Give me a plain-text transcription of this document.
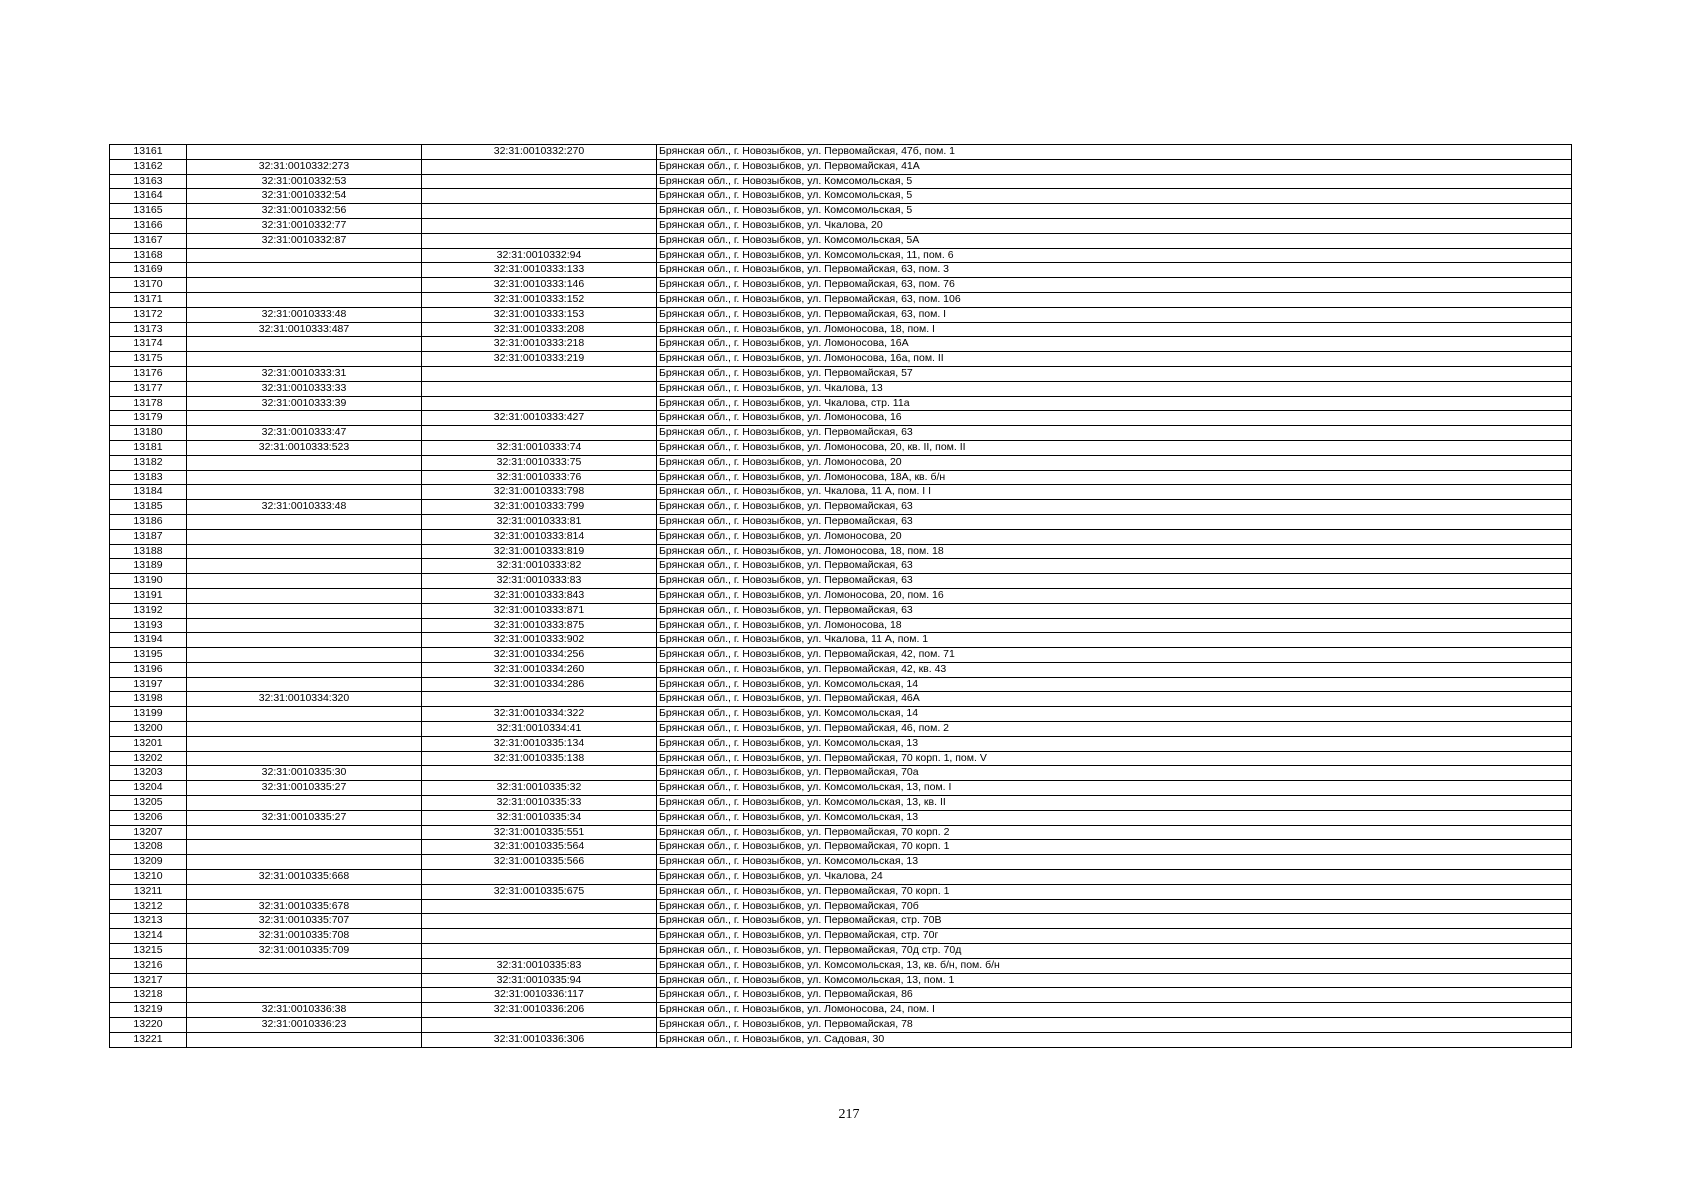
13161		32:31:0010332:270	Брянская обл., г. Новозыбков, ул. Первомайская, 47б, пом. 1
13162	32:31:0010332:273		Брянская обл., г. Новозыбков, ул. Первомайская, 41А
13163	32:31:0010332:53		Брянская обл., г. Новозыбков, ул. Комсомольская, 5
13164	32:31:0010332:54		Брянская обл., г. Новозыбков, ул. Комсомольская, 5
13165	32:31:0010332:56		Брянская обл., г. Новозыбков, ул. Комсомольская, 5
13166	32:31:0010332:77		Брянская обл., г. Новозыбков, ул. Чкалова, 20
13167	32:31:0010332:87		Брянская обл., г. Новозыбков, ул. Комсомольская, 5А
13168		32:31:0010332:94	Брянская обл., г. Новозыбков, ул. Комсомольская, 11, пом. 6
13169		32:31:0010333:133	Брянская обл., г. Новозыбков, ул. Первомайская, 63, пом. 3
13170		32:31:0010333:146	Брянская обл., г. Новозыбков, ул. Первомайская, 63, пом. 76
13171		32:31:0010333:152	Брянская обл., г. Новозыбков, ул. Первомайская, 63, пом. 106
13172	32:31:0010333:48	32:31:0010333:153	Брянская обл., г. Новозыбков, ул. Первомайская, 63, пом. I
13173	32:31:0010333:487	32:31:0010333:208	Брянская обл., г. Новозыбков, ул. Ломоносова, 18, пом. I
13174		32:31:0010333:218	Брянская обл., г. Новозыбков, ул. Ломоносова, 16А
13175		32:31:0010333:219	Брянская обл., г. Новозыбков, ул. Ломоносова, 16а, пом. II
13176	32:31:0010333:31		Брянская обл., г. Новозыбков, ул. Первомайская, 57
13177	32:31:0010333:33		Брянская обл., г. Новозыбков, ул. Чкалова, 13
13178	32:31:0010333:39		Брянская обл., г. Новозыбков, ул. Чкалова, стр. 11а
13179		32:31:0010333:427	Брянская обл., г. Новозыбков, ул. Ломоносова, 16
13180	32:31:0010333:47		Брянская обл., г. Новозыбков, ул. Первомайская, 63
13181	32:31:0010333:523	32:31:0010333:74	Брянская обл., г. Новозыбков, ул. Ломоносова, 20, кв. II, пом. II
13182		32:31:0010333:75	Брянская обл., г. Новозыбков, ул. Ломоносова, 20
13183		32:31:0010333:76	Брянская обл., г. Новозыбков, ул. Ломоносова, 18А, кв. б/н
13184		32:31:0010333:798	Брянская обл., г. Новозыбков, ул. Чкалова, 11 А, пом. I I
13185	32:31:0010333:48	32:31:0010333:799	Брянская обл., г. Новозыбков, ул. Первомайская, 63
13186		32:31:0010333:81	Брянская обл., г. Новозыбков, ул. Первомайская, 63
13187		32:31:0010333:814	Брянская обл., г. Новозыбков, ул. Ломоносова, 20
13188		32:31:0010333:819	Брянская обл., г. Новозыбков, ул. Ломоносова, 18, пом. 18
13189		32:31:0010333:82	Брянская обл., г. Новозыбков, ул. Первомайская, 63
13190		32:31:0010333:83	Брянская обл., г. Новозыбков, ул. Первомайская, 63
13191		32:31:0010333:843	Брянская обл., г. Новозыбков, ул. Ломоносова, 20, пом. 16
13192		32:31:0010333:871	Брянская обл., г. Новозыбков, ул. Первомайская, 63
13193		32:31:0010333:875	Брянская обл., г. Новозыбков, ул. Ломоносова, 18
13194		32:31:0010333:902	Брянская обл., г. Новозыбков, ул. Чкалова, 11 А, пом. 1
13195		32:31:0010334:256	Брянская обл., г. Новозыбков, ул. Первомайская, 42, пом. 71
13196		32:31:0010334:260	Брянская обл., г. Новозыбков, ул. Первомайская, 42, кв. 43
13197		32:31:0010334:286	Брянская обл., г. Новозыбков, ул. Комсомольская, 14
13198	32:31:0010334:320		Брянская обл., г. Новозыбков, ул. Первомайская, 46А
13199		32:31:0010334:322	Брянская обл., г. Новозыбков, ул. Комсомольская, 14
13200		32:31:0010334:41	Брянская обл., г. Новозыбков, ул. Первомайская, 46, пом. 2
13201		32:31:0010335:134	Брянская обл., г. Новозыбков, ул. Комсомольская, 13
13202		32:31:0010335:138	Брянская обл., г. Новозыбков, ул. Первомайская, 70 корп. 1, пом. V
13203	32:31:0010335:30		Брянская обл., г. Новозыбков, ул. Первомайская, 70а
13204	32:31:0010335:27	32:31:0010335:32	Брянская обл., г. Новозыбков, ул. Комсомольская, 13, пом. I
13205		32:31:0010335:33	Брянская обл., г. Новозыбков, ул. Комсомольская, 13, кв. II
13206	32:31:0010335:27	32:31:0010335:34	Брянская обл., г. Новозыбков, ул. Комсомольская, 13
13207		32:31:0010335:551	Брянская обл., г. Новозыбков, ул. Первомайская, 70 корп. 2
13208		32:31:0010335:564	Брянская обл., г. Новозыбков, ул. Первомайская, 70 корп. 1
13209		32:31:0010335:566	Брянская обл., г. Новозыбков, ул. Комсомольская, 13
13210	32:31:0010335:668		Брянская обл., г. Новозыбков, ул. Чкалова, 24
13211		32:31:0010335:675	Брянская обл., г. Новозыбков, ул. Первомайская, 70 корп. 1
13212	32:31:0010335:678		Брянская обл., г. Новозыбков, ул. Первомайская, 70б
13213	32:31:0010335:707		Брянская обл., г. Новозыбков, ул. Первомайская, стр. 70В
13214	32:31:0010335:708		Брянская обл., г. Новозыбков, ул. Первомайская, стр. 70г
13215	32:31:0010335:709		Брянская обл., г. Новозыбков, ул. Первомайская, 70д стр. 70д
13216		32:31:0010335:83	Брянская обл., г. Новозыбков, ул. Комсомольская, 13, кв. б/н, пом. б/н
13217		32:31:0010335:94	Брянская обл., г. Новозыбков, ул. Комсомольская, 13, пом. 1
13218		32:31:0010336:117	Брянская обл., г. Новозыбков, ул. Первомайская, 86
13219	32:31:0010336:38	32:31:0010336:206	Брянская обл., г. Новозыбков, ул. Ломоносова, 24, пом. I
13220	32:31:0010336:23		Брянская обл., г. Новозыбков, ул. Первомайская, 78
13221		32:31:0010336:306	Брянская обл., г. Новозыбков, ул. Садовая, 30
217
